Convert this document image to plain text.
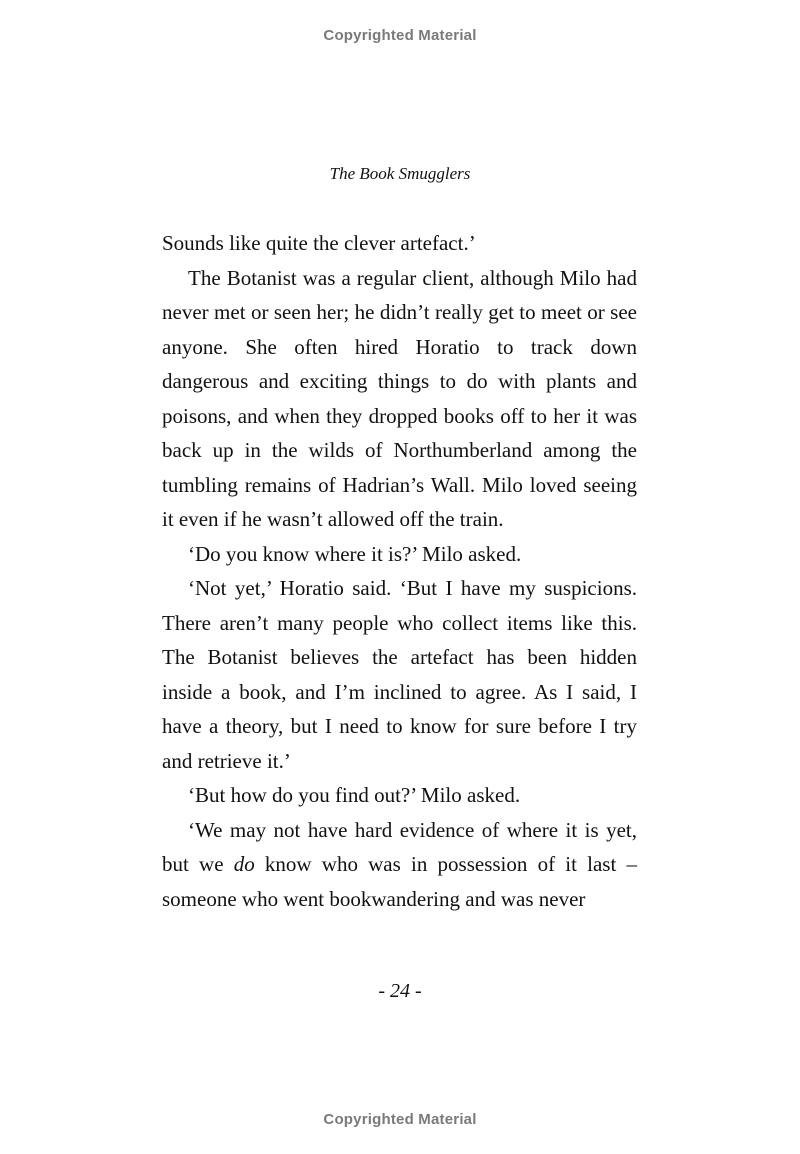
Copyrighted Material
The Book Smugglers

Sounds like quite the clever artefact.’

The Botanist was a regular client, although Milo had never met or seen her; he didn’t really get to meet or see anyone. She often hired Horatio to track down dangerous and exciting things to do with plants and poisons, and when they dropped books off to her it was back up in the wilds of Northumberland among the tumbling remains of Hadrian’s Wall. Milo loved seeing it even if he wasn’t allowed off the train.

‘Do you know where it is?’ Milo asked.

‘Not yet,’ Horatio said. ‘But I have my suspicions. There aren’t many people who collect items like this. The Botanist believes the artefact has been hidden inside a book, and I’m inclined to agree. As I said, I have a theory, but I need to know for sure before I try and retrieve it.’

‘But how do you find out?’ Milo asked.

‘We may not have hard evidence of where it is yet, but we do know who was in possession of it last – someone who went bookwandering and was never

- 24 -
Copyrighted Material
